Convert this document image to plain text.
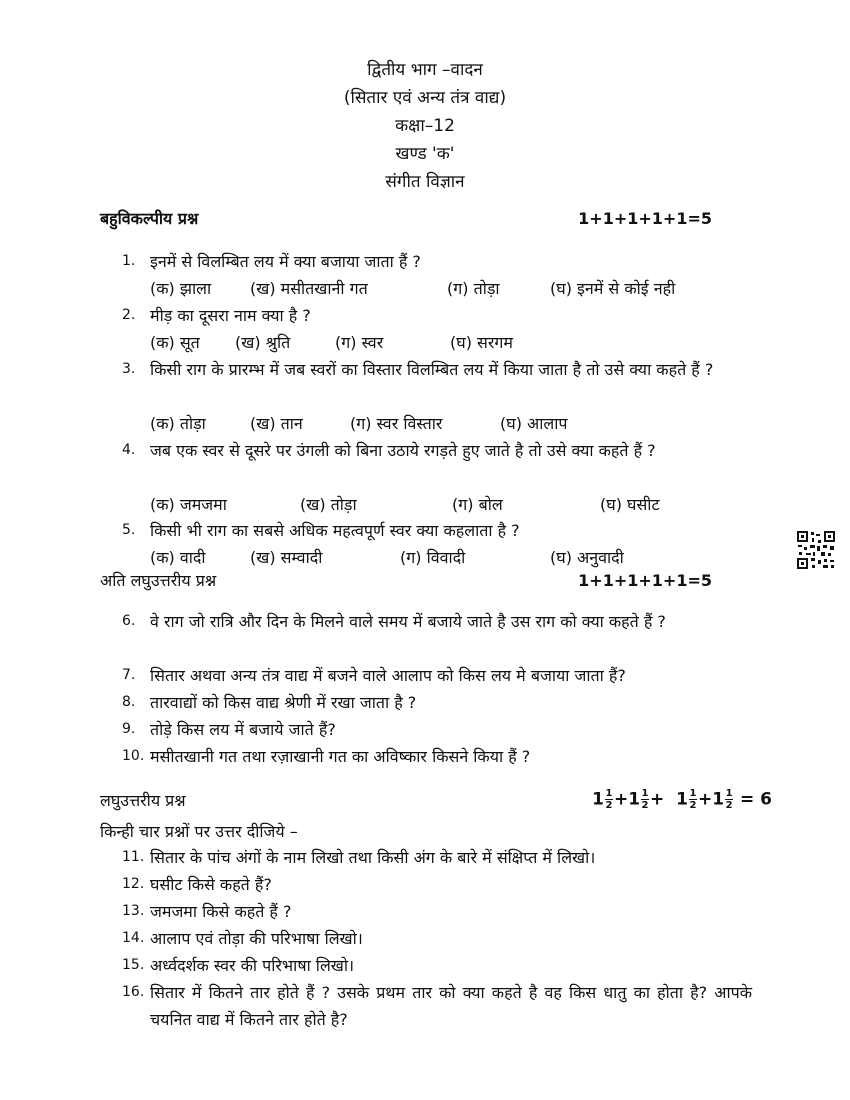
द्वितीय भाग –वादन
(सितार एवं अन्य तंत्र वाद्य)
कक्षा–12
खण्ड 'क'
संगीत विज्ञान
बहुविकल्पीय प्रश्न	1+1+1+1+1=5
1. इनमें से विलम्बित लय में क्या बजाया जाता हैं ?
(क) झाला (ख) मसीतखानी गत	(ग) तोड़ा	(घ) इनमें से कोई नही
2. मीड़ का दूसरा नाम क्या है ?
(क) सूत (ख) श्रुति	(ग) स्वर	(घ) सरगम
3. किसी राग के प्रारम्भ में जब स्वरों का विस्तार विलम्बित लय में किया जाता है तो उसे क्या कहते हैं ?
(क) तोड़ा	(ख) तान	(ग) स्वर विस्तार	(घ) आलाप
4. जब एक स्वर से दूसरे पर उंगली को बिना उठाये रगड़ते हुए जाते है तो उसे क्या कहते हैं ?
(क) जमजमा	(ख) तोड़ा	(ग) बोल	(घ) घसीट
5. किसी भी राग का सबसे अधिक महत्वपूर्ण स्वर क्या कहलाता है ?
(क) वादी	(ख) सम्वादी	(ग) विवादी	(घ) अनुवादी
अति लघुउत्तरीय प्रश्न	1+1+1+1+1=5
6. वे राग जो रात्रि और दिन के मिलने वाले समय में बजाये जाते है उस राग को क्या कहते हैं ?
7. सितार अथवा अन्य तंत्र वाद्य में बजने वाले आलाप को किस लय मे बजाया जाता हैं?
8. तारवाद्यों को किस वाद्य श्रेणी में रखा जाता है ?
9. तोड़े किस लय में बजाये जाते हैं?
10. मसीतखानी गत तथा रज़ाखानी गत का अविष्कार किसने किया हैं ?
लघुउत्तरीय प्रश्न	$1 \frac{1}{2} +1 \frac{1}{2} + 1 \frac{1}{2} +1 \frac{1}{2} = 6$
किन्ही चार प्रश्नों पर उत्तर दीजिये –
11. सितार के पांच अंगों के नाम लिखो तथा किसी अंग के बारे में संक्षिप्त में लिखो।
12. घसीट किसे कहते हैं?
13. जमजमा किसे कहते हैं ?
14. आलाप एवं तोड़ा की परिभाषा लिखो।
15. अर्ध्वदर्शक स्वर की परिभाषा लिखो।
16. सितार में कितने तार होते हैं ? उसके प्रथम तार को क्या कहते है वह किस धातु का होता है? आपके चयनित वाद्य में कितने तार होते है?
